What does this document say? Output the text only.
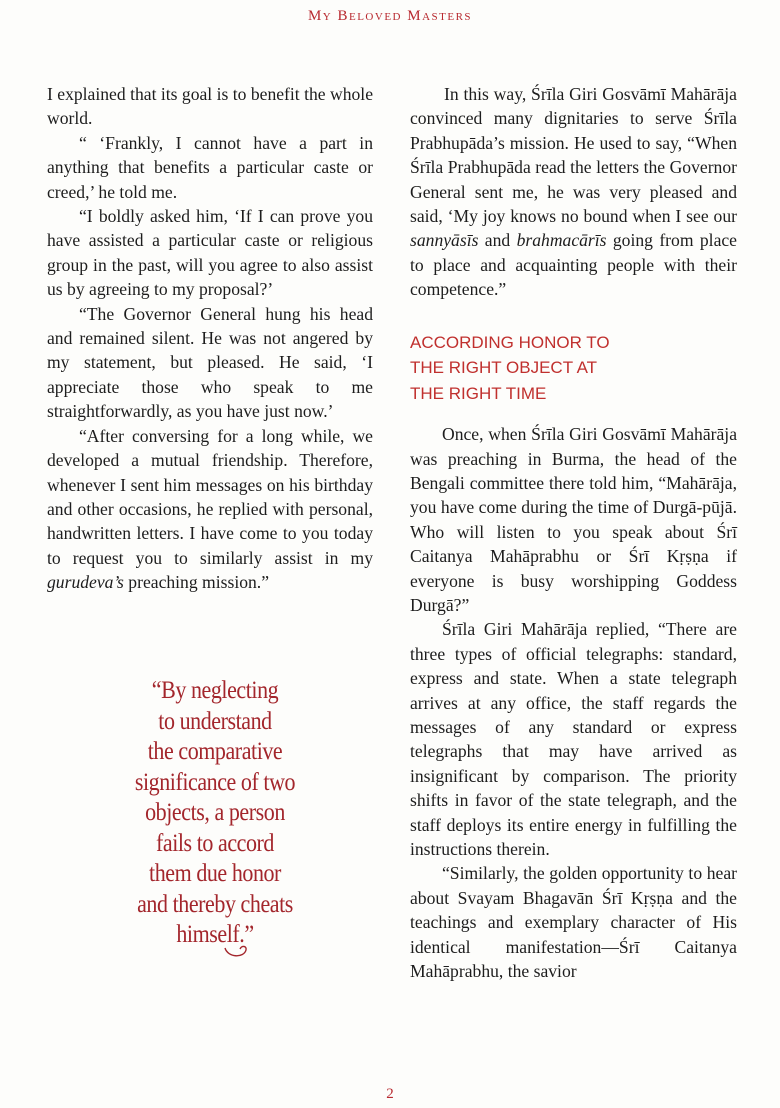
My Beloved Masters

I explained that its goal is to benefit the whole world.

“ ‘Frankly, I cannot have a part in anything that benefits a particular caste or creed,’ he told me.

“I boldly asked him, ‘If I can prove you have assisted a particular caste or religious group in the past, will you agree to also assist us by agreeing to my proposal?’

“The Governor General hung his head and remained silent. He was not angered by my statement, but pleased. He said, ‘I appreciate those who speak to me straightforwardly, as you have just now.’

“After conversing for a long while, we developed a mutual friendship. Therefore, whenever I sent him messages on his birthday and other occasions, he replied with personal, handwritten letters. I have come to you today to request you to similarly assist in my gurudeva’s preaching mission.”

“By neglecting
to understand
the comparative
significance of two
objects, a person
fails to accord
them due honor
and thereby cheats
himself.”

In this way, Śrīla Giri Gosvāmī Mahārāja convinced many dignitaries to serve Śrīla Prabhupāda’s mission. He used to say, “When Śrīla Prabhupāda read the letters the Governor General sent me, he was very pleased and said, ‘My joy knows no bound when I see our sannyāsīs and brahmacārīs going from place to place and acquainting people with their competence.”

ACCORDING HONOR TO
THE RIGHT OBJECT AT
THE RIGHT TIME

Once, when Śrīla Giri Gosvāmī Mahārāja was preaching in Burma, the head of the Bengali committee there told him, “Mahārāja, you have come during the time of Durgā-pūjā. Who will listen to you speak about Śrī Caitanya Mahāprabhu or Śrī Kṛṣṇa if everyone is busy worshipping Goddess Durgā?”

Śrīla Giri Mahārāja replied, “There are three types of official telegraphs: standard, express and state. When a state telegraph arrives at any office, the staff regards the messages of any standard or express telegraphs that may have arrived as insignificant by comparison. The priority shifts in favor of the state telegraph, and the staff deploys its entire energy in fulfilling the instructions therein.

“Similarly, the golden opportunity to hear about Svayam Bhagavān Śrī Kṛṣṇa and the teachings and exemplary character of His identical manifestation—Śrī Caitanya Mahāprabhu, the savior

2
